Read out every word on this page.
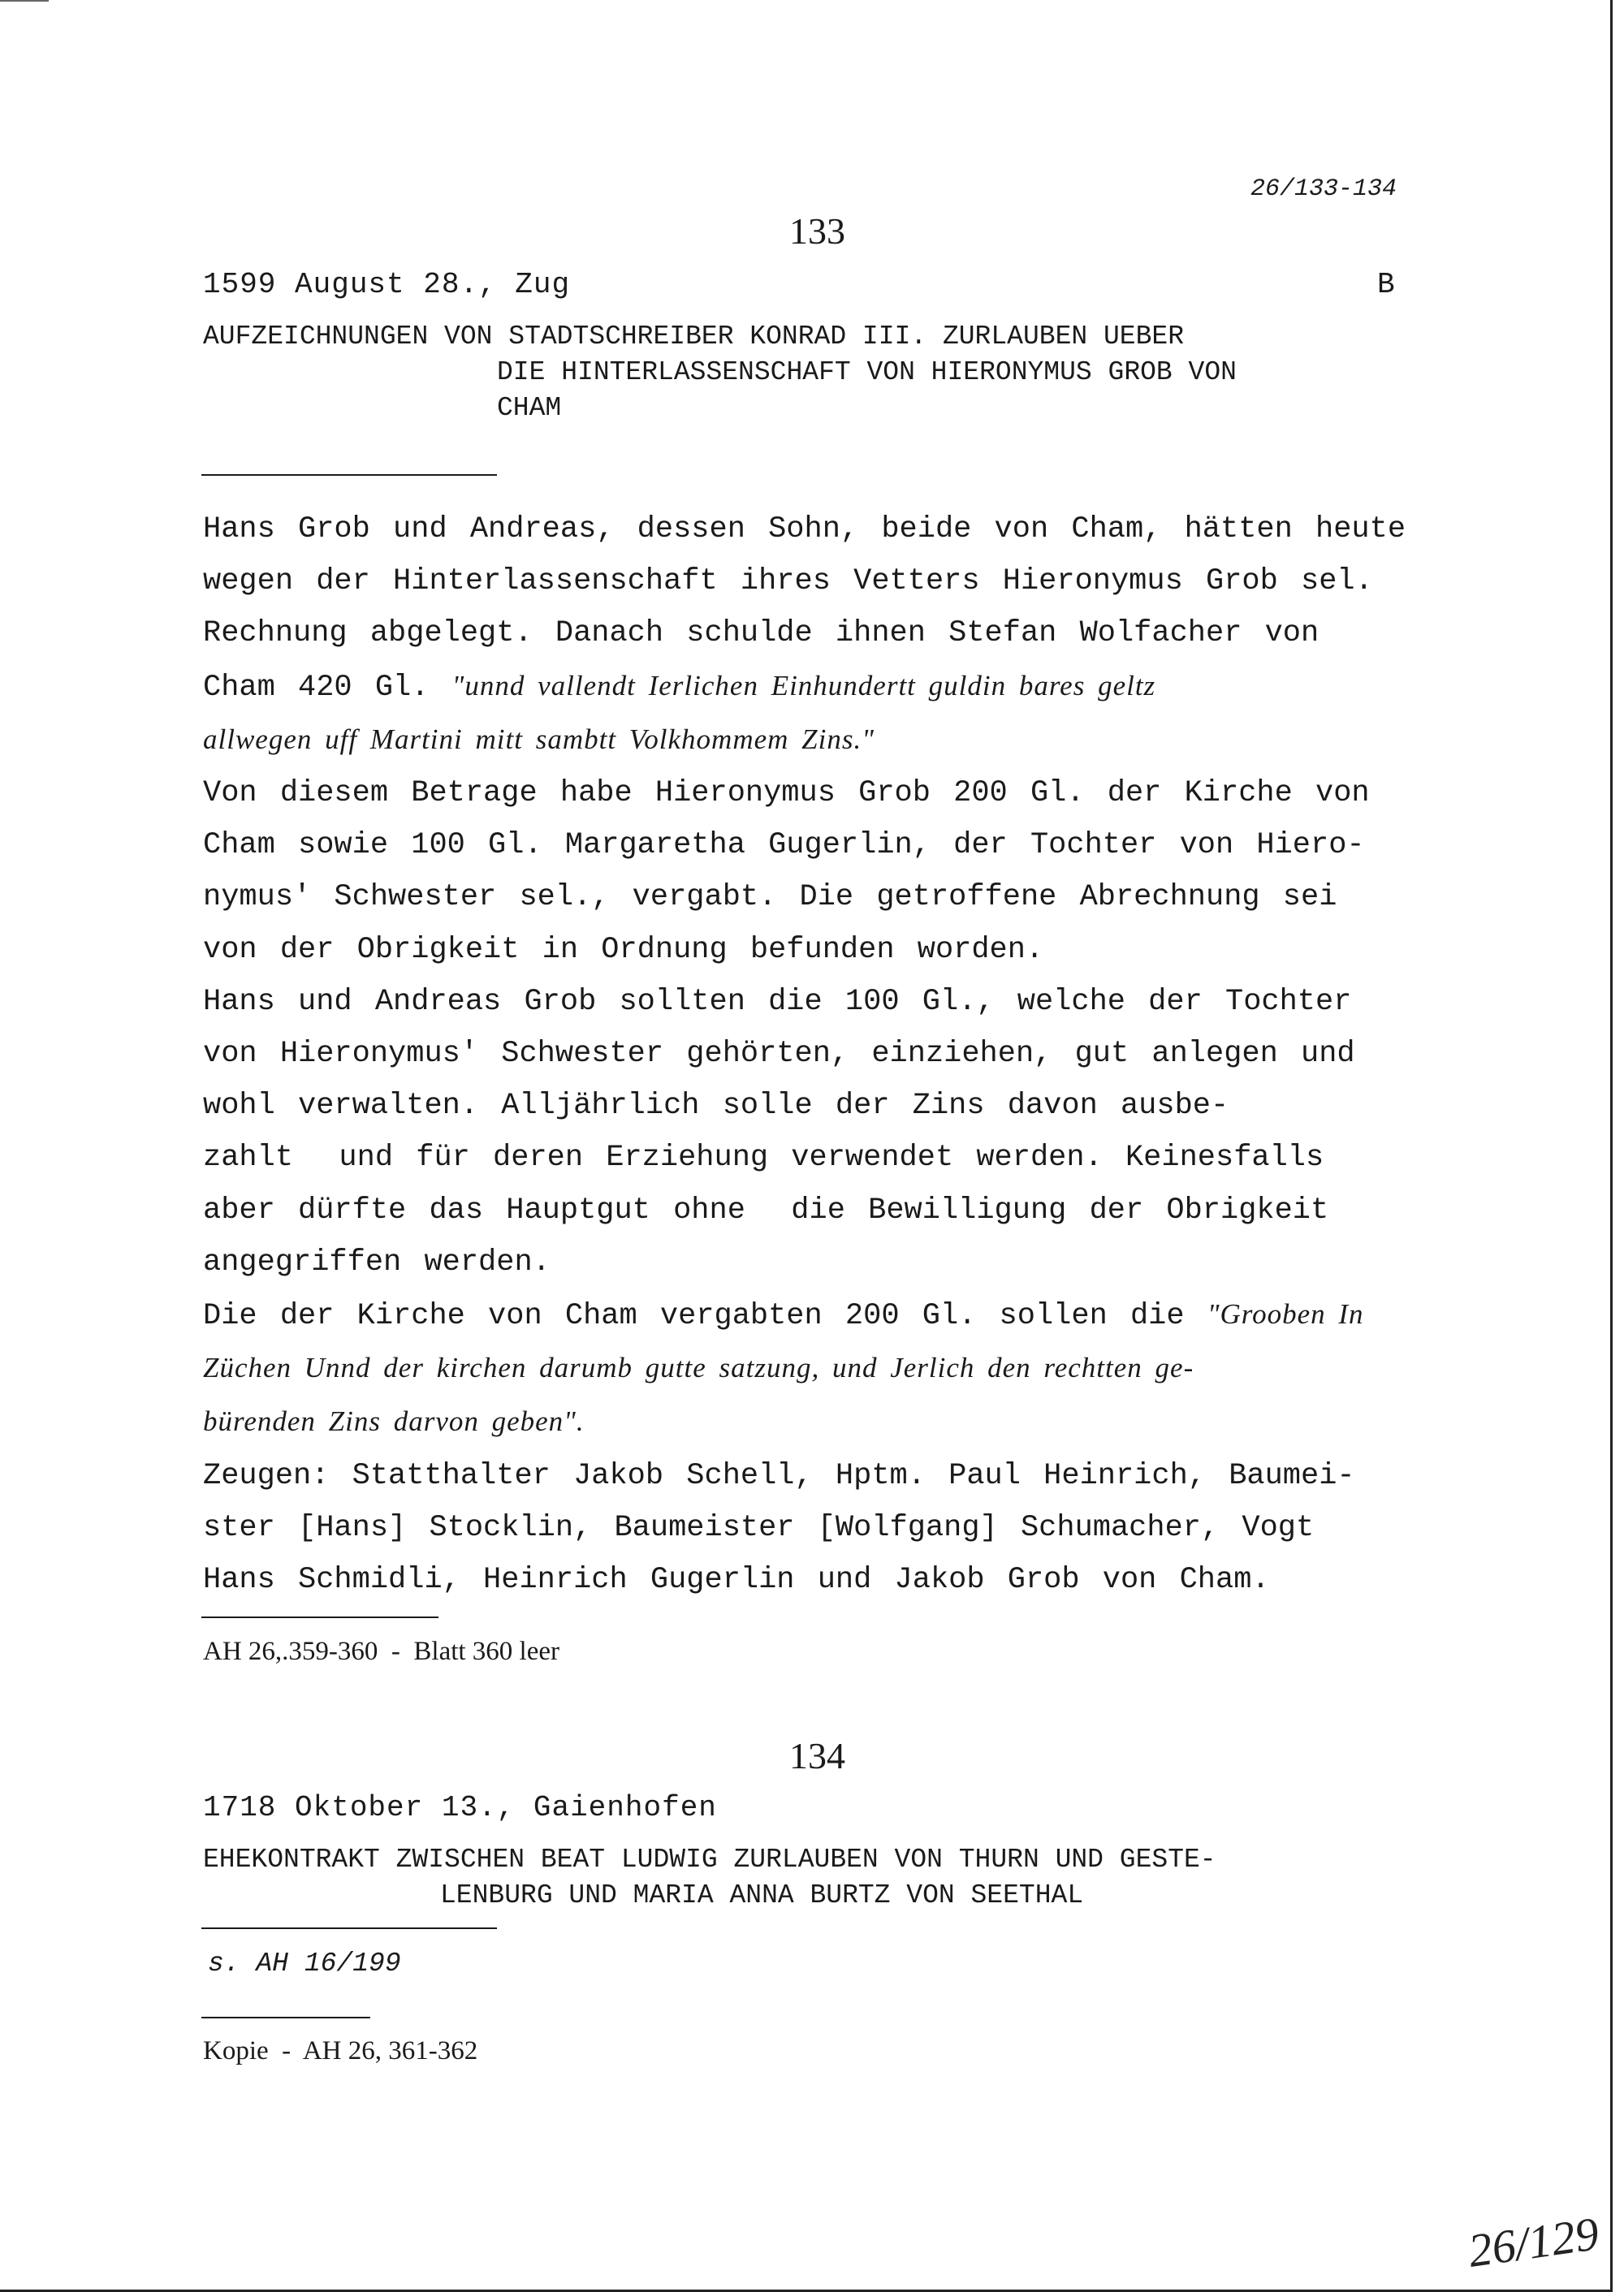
26/133-134
133
1599 August 28., Zug	B
AUFZEICHNUNGEN VON STADTSCHREIBER KONRAD III. ZURLAUBEN UEBER
DIE HINTERLASSENSCHAFT VON HIERONYMUS GROB VON
CHAM

Hans Grob und Andreas, dessen Sohn, beide von Cham, hätten heute

wegen der Hinterlassenschaft ihres Vetters Hieronymus Grob sel.

Rechnung abgelegt. Danach schulde ihnen Stefan Wolfacher von

Cham 420 Gl. "unnd vallendt Ierlichen Einhundertt guldin bares geltz

allwegen uff Martini mitt sambtt Volkhommem Zins."

Von diesem Betrage habe Hieronymus Grob 200 Gl. der Kirche von

Cham sowie 100 Gl. Margaretha Gugerlin, der Tochter von Hiero-

nymus' Schwester sel., vergabt. Die getroffene Abrechnung sei

von der Obrigkeit in Ordnung befunden worden.

Hans und Andreas Grob sollten die 100 Gl., welche der Tochter

von Hieronymus' Schwester gehörten, einziehen, gut anlegen und

wohl verwalten. Alljährlich solle der Zins davon ausbe-

zahlt  und für deren Erziehung verwendet werden. Keinesfalls

aber dürfte das Hauptgut ohne  die Bewilligung der Obrigkeit

angegriffen werden.

Die der Kirche von Cham vergabten 200 Gl. sollen die "Grooben In

Züchen Unnd der kirchen darumb gutte satzung, und Jerlich den rechtten ge-

bürenden Zins darvon geben".

Zeugen: Statthalter Jakob Schell, Hptm. Paul Heinrich, Baumei-

ster [Hans] Stocklin, Baumeister [Wolfgang] Schumacher, Vogt

Hans Schmidli, Heinrich Gugerlin und Jakob Grob von Cham.

AH 26,.359-360  -  Blatt 360 leer
134
1718 Oktober 13., Gaienhofen
EHEKONTRAKT ZWISCHEN BEAT LUDWIG ZURLAUBEN VON THURN UND GESTE-
LENBURG UND MARIA ANNA BURTZ VON SEETHAL
s. AH 16/199
Kopie  -  AH 26, 361-362
26/129
